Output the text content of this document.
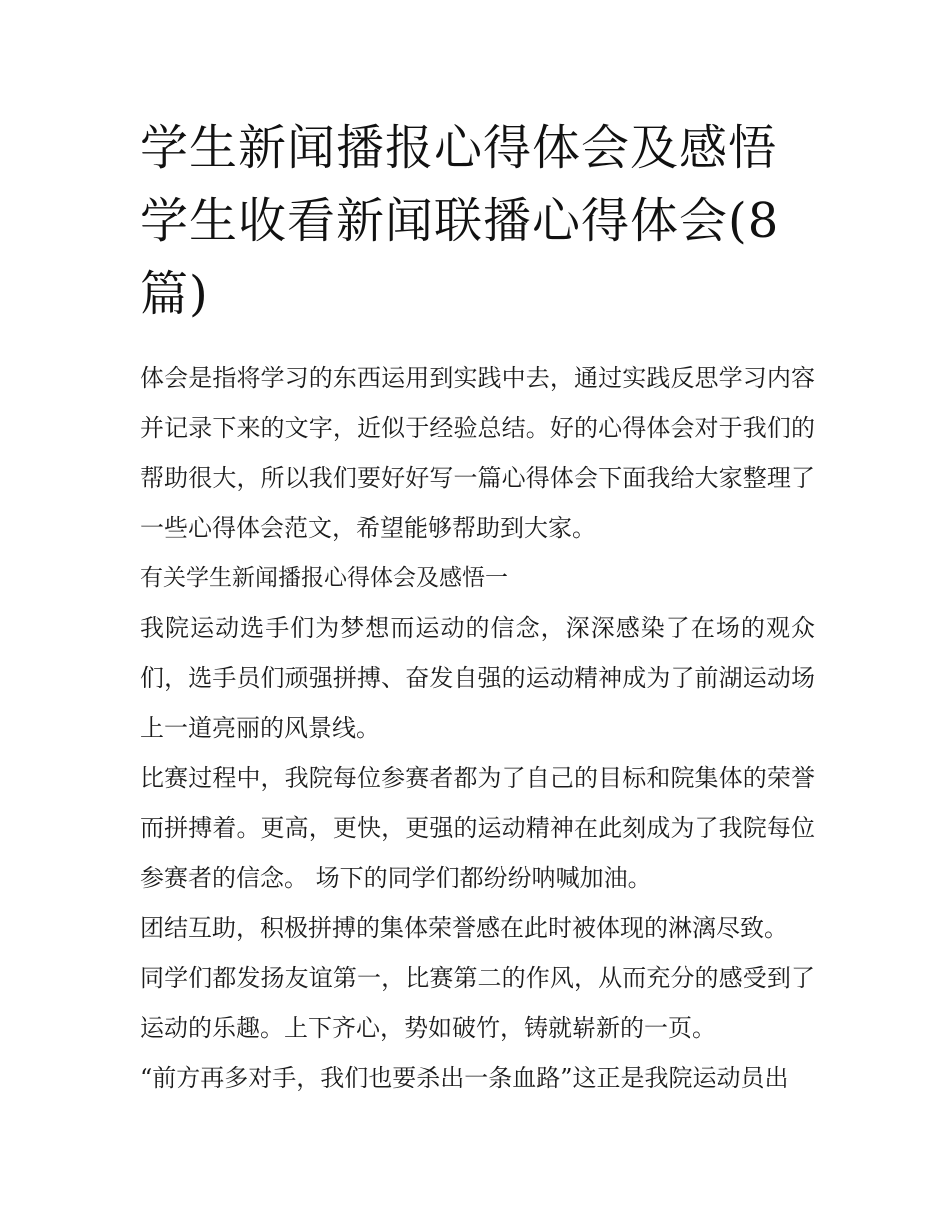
学生新闻播报心得体会及感悟学生收看新闻联播心得体会(8篇)

体会是指将学习的东西运用到实践中去，通过实践反思学习内容并记录下来的文字，近似于经验总结。好的心得体会对于我们的帮助很大，所以我们要好好写一篇心得体会下面我给大家整理了一些心得体会范文，希望能够帮助到大家。

有关学生新闻播报心得体会及感悟一

我院运动选手们为梦想而运动的信念，深深感染了在场的观众们，选手员们顽强拼搏、奋发自强的运动精神成为了前湖运动场上一道亮丽的风景线。

比赛过程中，我院每位参赛者都为了自己的目标和院集体的荣誉而拼搏着。更高，更快，更强的运动精神在此刻成为了我院每位参赛者的信念。 场下的同学们都纷纷呐喊加油。

团结互助，积极拼搏的集体荣誉感在此时被体现的淋漓尽致。

同学们都发扬友谊第一，比赛第二的作风，从而充分的感受到了运动的乐趣。上下齐心，势如破竹，铸就崭新的一页。

“前方再多对手，我们也要杀出一条血路”这正是我院运动员出
